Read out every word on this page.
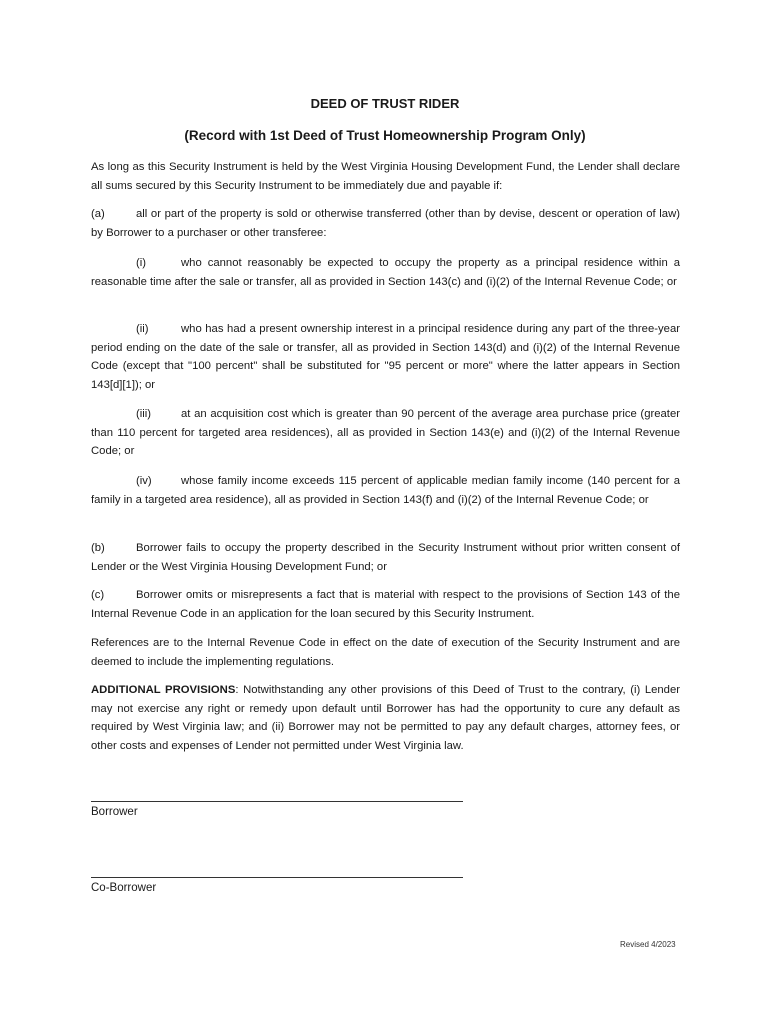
DEED OF TRUST RIDER
(Record with 1st Deed of Trust Homeownership Program Only)
As long as this Security Instrument is held by the West Virginia Housing Development Fund, the Lender shall declare all sums secured by this Security Instrument to be immediately due and payable if:
(a)	all or part of the property is sold or otherwise transferred (other than by devise, descent or operation of law) by Borrower to a purchaser or other transferee:
(i)	who cannot reasonably be expected to occupy the property as a principal residence within a reasonable time after the sale or transfer, all as provided in Section 143(c) and (i)(2) of the Internal Revenue Code; or
(ii)	who has had a present ownership interest in a principal residence during any part of the three-year period ending on the date of the sale or transfer, all as provided in Section 143(d) and (i)(2) of the Internal Revenue Code (except that "100 percent" shall be substituted for "95 percent or more" where the latter appears in Section 143[d][1]); or
(iii)	at an acquisition cost which is greater than 90 percent of the average area purchase price (greater than 110 percent for targeted area residences), all as provided in Section 143(e) and (i)(2) of the Internal Revenue Code; or
(iv)	whose family income exceeds 115 percent of applicable median family income (140 percent for a family in a targeted area residence), all as provided in Section 143(f) and (i)(2) of the Internal Revenue Code; or
(b)	Borrower fails to occupy the property described in the Security Instrument without prior written consent of Lender or the West Virginia Housing Development Fund; or
(c)	Borrower omits or misrepresents a fact that is material with respect to the provisions of Section 143 of the Internal Revenue Code in an application for the loan secured by this Security Instrument.
References are to the Internal Revenue Code in effect on the date of execution of the Security Instrument and are deemed to include the implementing regulations.
ADDITIONAL PROVISIONS: Notwithstanding any other provisions of this Deed of Trust to the contrary, (i) Lender may not exercise any right or remedy upon default until Borrower has had the opportunity to cure any default as required by West Virginia law; and (ii) Borrower may not be permitted to pay any default charges, attorney fees, or other costs and expenses of Lender not permitted under West Virginia law.
Borrower
Co-Borrower
Revised 4/2023
